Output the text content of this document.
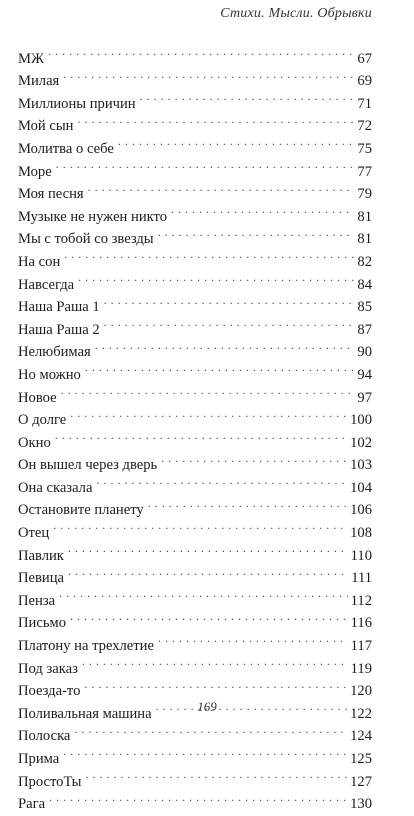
Стихи. Мысли. Обрывки
МЖ . . .	67
Милая . . .	69
Миллионы причин . . .	71
Мой сын . . .	72
Молитва о себе . . .	75
Море . . .	77
Моя песня . . .	79
Музыке не нужен никто . . .	81
Мы с тобой со звезды . . .	81
На сон . . .	82
Навсегда . . .	84
Наша Раша 1 . . .	85
Наша Раша 2 . . .	87
Нелюбимая . . .	90
Но можно . . .	94
Новое . . .	97
О долге . . .	100
Окно . . .	102
Он вышел через дверь . . .	103
Она сказала . . .	104
Остановите планету . . .	106
Отец . . .	108
Павлик . . .	110
Певица . . .	111
Пенза . . .	112
Письмо . . .	116
Платону на трехлетие . . .	117
Под заказ . . .	119
Поезда-то . . .	120
Поливальная машина . . .	122
Полоска . . .	124
Прима . . .	125
ПростоТы . . .	127
Рага . . .	130
169
